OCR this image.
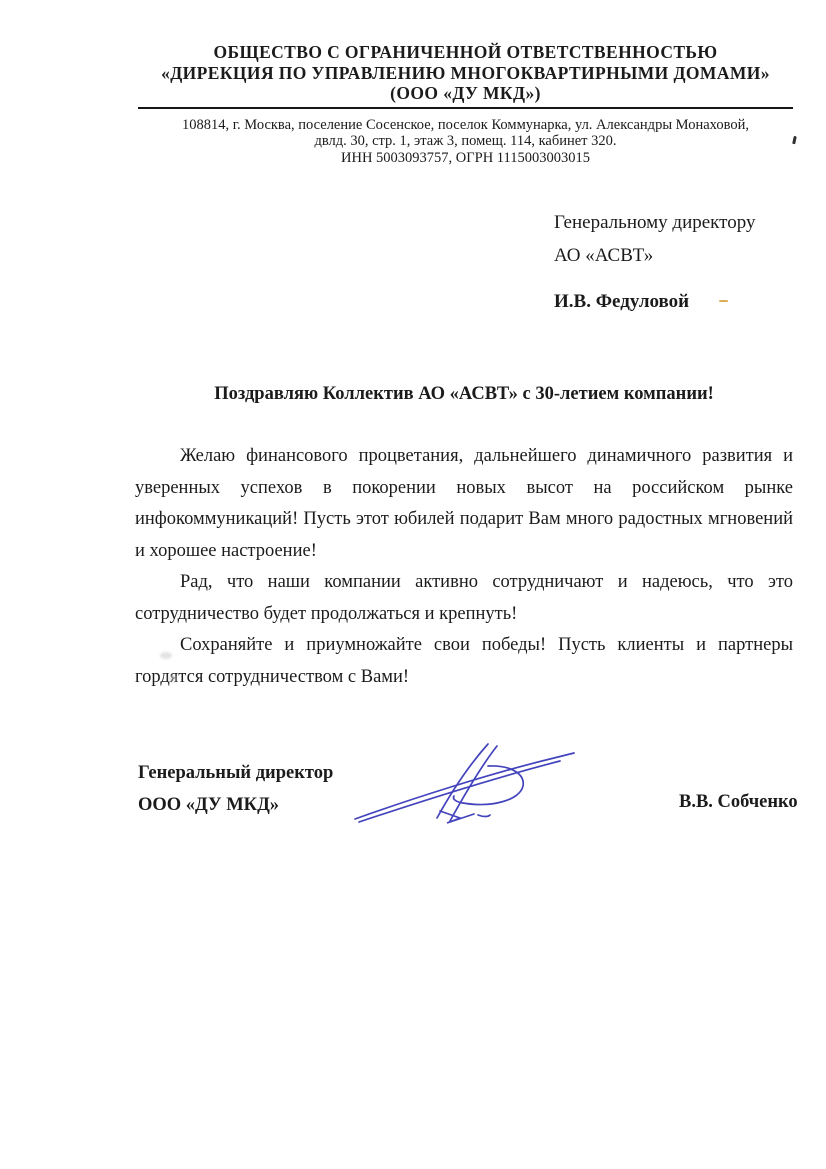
ОБЩЕСТВО С ОГРАНИЧЕННОЙ ОТВЕТСТВЕННОСТЬЮ
«ДИРЕКЦИЯ ПО УПРАВЛЕНИЮ МНОГОКВАРТИРНЫМИ ДОМАМИ»
(ООО «ДУ МКД»)
108814, г. Москва, поселение Сосенское, поселок Коммунарка, ул. Александры Монаховой,
двлд. 30, стр. 1, этаж 3, помещ. 114, кабинет 320.
ИНН 5003093757, ОГРН 1115003003015
Генеральному директору
АО «АСВТ»
И.В. Федуловой
Поздравляю Коллектив АО «АСВТ» с 30-летием компании!

Желаю финансового процветания, дальнейшего динамичного развития и уверенных успехов в покорении новых высот на российском рынке инфокоммуникаций! Пусть этот юбилей подарит Вам много радостных мгновений и хорошее настроение!

Рад, что наши компании активно сотрудничают и надеюсь, что это сотрудничество будет продолжаться и крепнуть!

Сохраняйте и приумножайте свои победы! Пусть клиенты и партнеры гордятся сотрудничеством с Вами!

Генеральный директор
ООО «ДУ МКД»	В.В. Собченко
